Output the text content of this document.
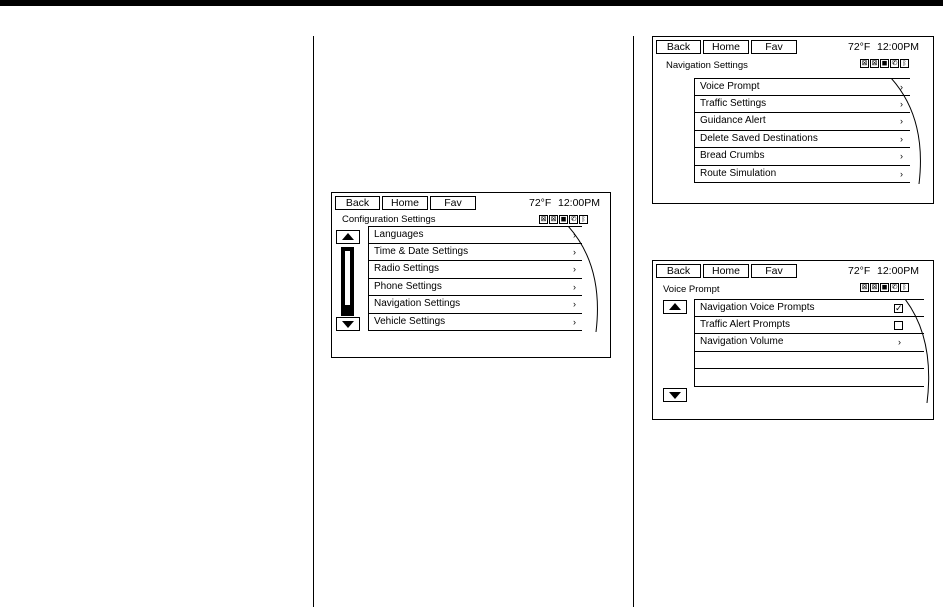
Back	Home	Fav	72°F 12:00PM
Configuration Settings	⊠ ⊠ ◼ ✆ ᛒ
Languages	›
Time & Date Settings	›
Radio Settings	›
Phone Settings	›
Navigation Settings	›
Vehicle Settings	›
Back	Home	Fav	72°F 12:00PM
Navigation Settings	⊠ ⊠ ◼ ✆ ᛒ
Voice Prompt	›
Traffic Settings	›
Guidance Alert	›
Delete Saved Destinations	›
Bread Crumbs	›
Route Simulation	›
Back	Home	Fav	72°F 12:00PM
Voice Prompt	⊠ ⊠ ◼ ✆ ᛒ
Navigation Voice Prompts	✓
Traffic Alert Prompts
Navigation Volume	›
